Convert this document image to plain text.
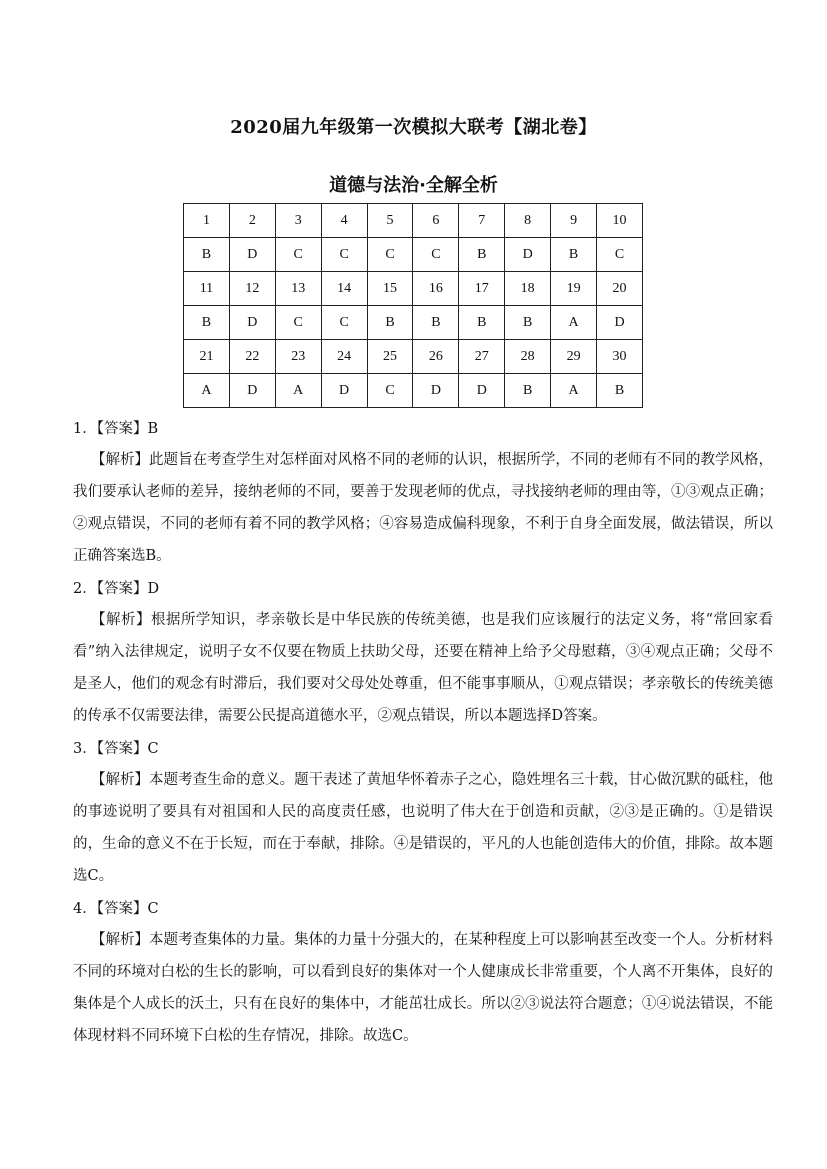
2020届九年级第一次模拟大联考【湖北卷】
道德与法治·全解全析
1	2	3	4	5	6	7	8	9	10
B	D	C	C	C	C	B	D	B	C
11	12	13	14	15	16	17	18	19	20
B	D	C	C	B	B	B	B	A	D
21	22	23	24	25	26	27	28	29	30
A	D	A	D	C	D	D	B	A	B
1．【答案】B
【解析】此题旨在考查学生对怎样面对风格不同的老师的认识，根据所学，不同的老师有不同的教学风格，我们要承认老师的差异，接纳老师的不同，要善于发现老师的优点，寻找接纳老师的理由等，①③观点正确；②观点错误，不同的老师有着不同的教学风格；④容易造成偏科现象，不利于自身全面发展，做法错误，所以正确答案选B。
2．【答案】D
【解析】根据所学知识，孝亲敬长是中华民族的传统美德，也是我们应该履行的法定义务，将“常回家看看”纳入法律规定，说明子女不仅要在物质上扶助父母，还要在精神上给予父母慰藉，③④观点正确；父母不是圣人，他们的观念有时滞后，我们要对父母处处尊重，但不能事事顺从，①观点错误；孝亲敬长的传统美德的传承不仅需要法律，需要公民提高道德水平，②观点错误，所以本题选择D答案。
3．【答案】C
【解析】本题考查生命的意义。题干表述了黄旭华怀着赤子之心，隐姓埋名三十载，甘心做沉默的砥柱，他的事迹说明了要具有对祖国和人民的高度责任感，也说明了伟大在于创造和贡献，②③是正确的。①是错误的，生命的意义不在于长短，而在于奉献，排除。④是错误的，平凡的人也能创造伟大的价值，排除。故本题选C。
4．【答案】C
【解析】本题考查集体的力量。集体的力量十分强大的，在某种程度上可以影响甚至改变一个人。分析材料不同的环境对白松的生长的影响，可以看到良好的集体对一个人健康成长非常重要，个人离不开集体，良好的集体是个人成长的沃土，只有在良好的集体中，才能茁壮成长。所以②③说法符合题意；①④说法错误，不能体现材料不同环境下白松的生存情况，排除。故选C。
